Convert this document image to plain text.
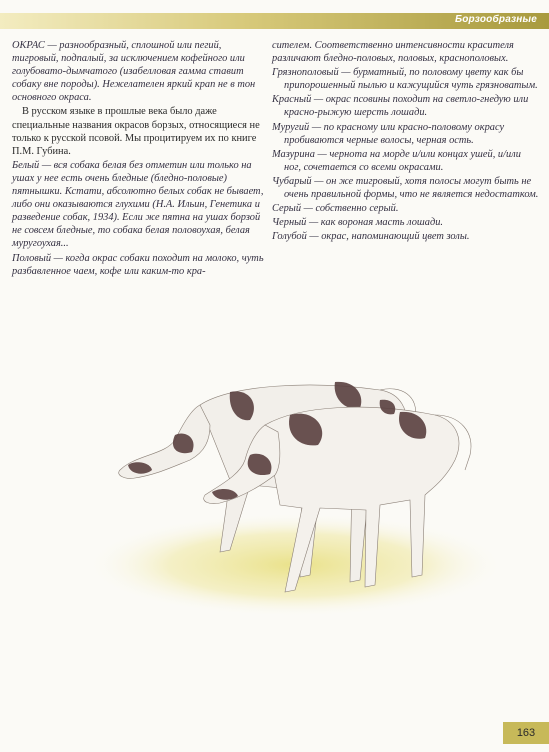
Борзообразные

ОКРАС — разнообразный, сплошной или пегий, тигровый, подпалый, за исключением кофейного или голубовато-дымчатого (изабелловая гамма ставит собаку вне породы). Нежелателен яркий крап не в тон основного окраса.

В русском языке в прошлые века было даже специальные названия окрасов борзых, относящиеся не только к русской псовой. Мы процитируем их по книге П.М. Губина.

Белый — вся собака белая без отметин или только на ушах у нее есть очень бледные (бледно-половые) пятнышки. Кстати, абсолютно белых собак не бывает, либо они оказываются глухими (Н.А. Ильин, Генетика и разведение собак, 1934). Если же пятна на ушах борзой не совсем бледные, то собака белая половоухая, белая муругоухая...

Половый — когда окрас собаки походит на молоко, чуть разбавленное чаем, кофе или каким-то кра-

сителем. Соответственно интенсивности красителя различают бледно-половых, половых, краснополовых.

Грязнополовый — бурматный, по половому цвету как бы припорошенный пылью и кажущийся чуть грязноватым.

Красный — окрас псовины походит на светло-гнедую или красно-рыжую шерсть лошади.

Муругий — по красному или красно-половому окрасу пробиваются черные волосы, черная ость.

Мазурина — чернота на морде и/или концах ушей, и/или ног, сочетается со всеми окрасами.

Чубарый — он же тигровый, хотя полосы могут быть не очень правильной формы, что не является недостатком.

Серый — собственно серый.

Черный — как вороная масть лошади.

Голубой — окрас, напоминающий цвет золы.

163
